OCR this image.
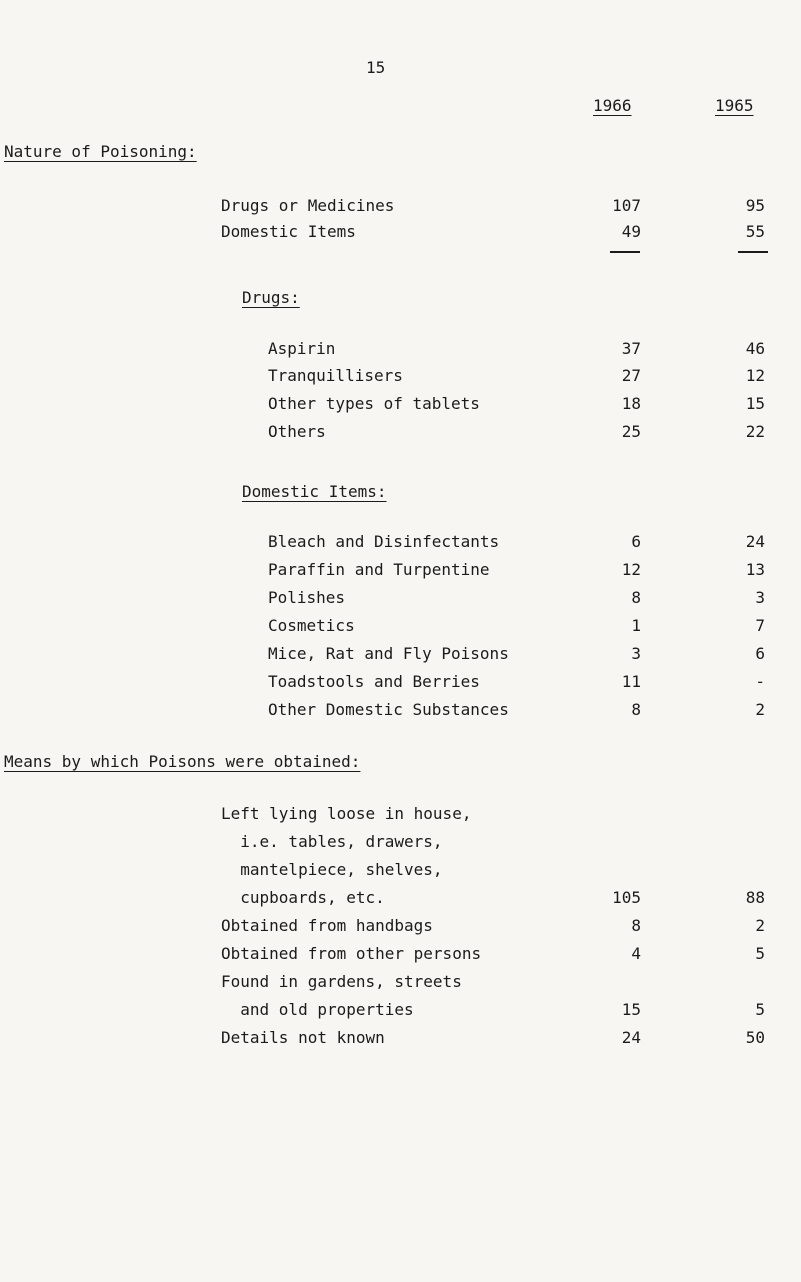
15
1966	1965
Nature of Poisoning:
Drugs or Medicines	107	95
Domestic Items	49	55
Drugs:
Aspirin	37	46
Tranquillisers	27	12
Other types of tablets	18	15
Others	25	22
Domestic Items:
Bleach and Disinfectants	6	24
Paraffin and Turpentine	12	13
Polishes	8	3
Cosmetics	1	7
Mice, Rat and Fly Poisons	3	6
Toadstools and Berries	11	-
Other Domestic Substances	8	2
Means by which Poisons were obtained:
Left lying loose in house,
i.e. tables, drawers,
mantelpiece, shelves,
cupboards, etc.	105	88
Obtained from handbags	8	2
Obtained from other persons	4	5
Found in gardens, streets
and old properties	15	5
Details not known	24	50
